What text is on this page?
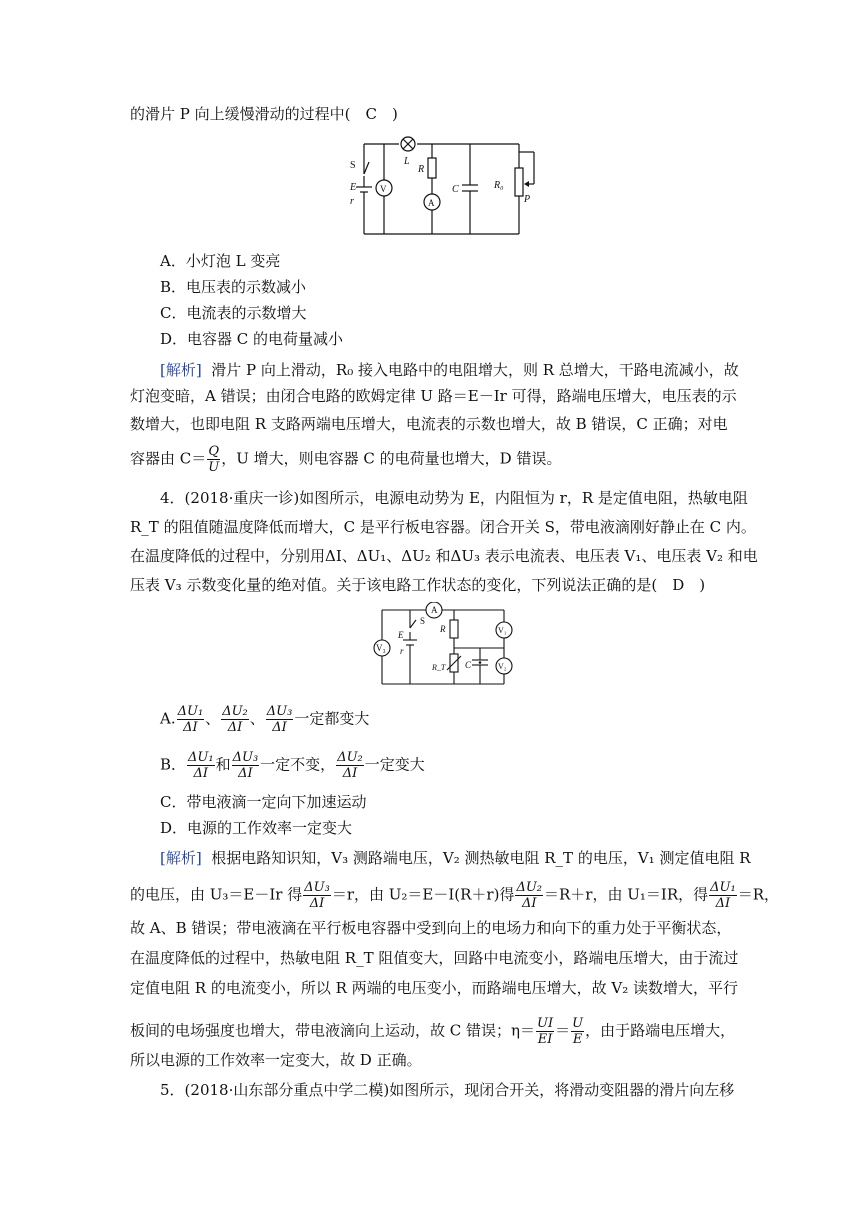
的滑片 P 向上缓慢滑动的过程中(　C　)
S
E
r
V
L
R
A
C	R₀
P
A．小灯泡 L 变亮
B．电压表的示数减小
C．电流表的示数增大
D．电容器 C 的电荷量减小
[解析] 滑片 P 向上滑动，R₀ 接入电路中的电阻增大，则 R 总增大，干路电流减小，故
灯泡变暗，A 错误；由闭合电路的欧姆定律 U 路＝E－Ir 可得，路端电压增大，电压表的示
数增大，也即电阻 R 支路两端电压增大，电流表的示数也增大，故 B 错误，C 正确；对电
容器由 $C= \frac{Q}{U}$ ，U 增大，则电容器 C 的电荷量也增大，D 错误。
4．(2018·重庆一诊)如图所示，电源电动势为 E，内阻恒为 r，R 是定值电阻，热敏电阻
R_T 的阻值随温度降低而增大，C 是平行板电容器。闭合开关 S，带电液滴刚好静止在 C 内。
在温度降低的过程中，分别用ΔI、ΔU₁、ΔU₂ 和ΔU₃ 表示电流表、电压表 V₁、电压表 V₂ 和电
压表 V₃ 示数变化量的绝对值。关于该电路工作状态的变化，下列说法正确的是(　D　)
A
V₃
E
r
S
R
R_T C
V₁
V₂
A. $\frac{\text{ΔU₁}}{\Delta I}$ 、 $\frac{\text{ΔU₂}}{\Delta I}$ 、 $\frac{\text{ΔU₃}}{\Delta I}$ 一定都变大
B． $\frac{\text{ΔU₁}}{\Delta I}$ 和 $\frac{\text{ΔU₃}}{\Delta I}$ 一定不变， $\frac{\text{ΔU₂}}{\Delta I}$ 一定变大
C．带电液滴一定向下加速运动
D．电源的工作效率一定变大
[解析] 根据电路知识知，V₃ 测路端电压，V₂ 测热敏电阻 R_T 的电压，V₁ 测定值电阻 R
的电压，由 U₃＝E－Ir 得 $\frac{\text{ΔU₃}}{\Delta I} =r$，由 U₂＝E－I(R＋r)得 $\frac{\text{ΔU₂}}{\Delta I} =R+r$，由 U₁＝IR，得 $\frac{\text{ΔU₁}}{\Delta I} =R$，
故 A、B 错误；带电液滴在平行板电容器中受到向上的电场力和向下的重力处于平衡状态，
在温度降低的过程中，热敏电阻 R_T 阻值变大，回路中电流变小，路端电压增大，由于流过
定值电阻 R 的电流变小，所以 R 两端的电压变小，而路端电压增大，故 V₂ 读数增大，平行
板间的电场强度也增大，带电液滴向上运动，故 C 错误；$\eta= \frac{UI}{EI} = \frac{U}{E}$ ，由于路端电压增大，
所以电源的工作效率一定变大，故 D 正确。
5．(2018·山东部分重点中学二模)如图所示，现闭合开关，将滑动变阻器的滑片向左移
